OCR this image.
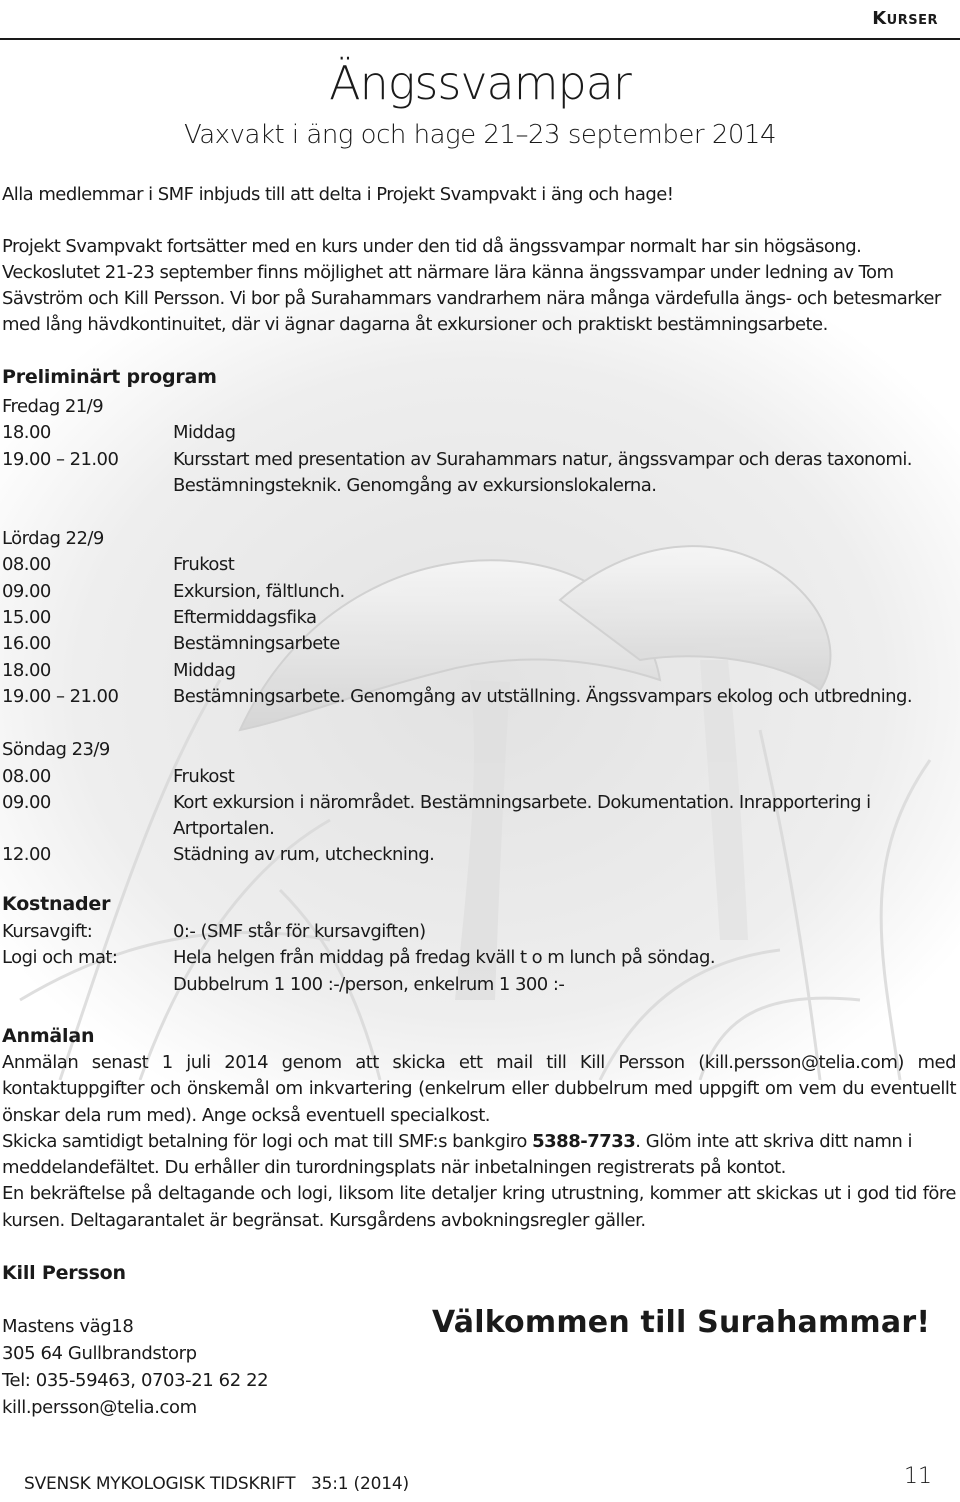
Kurser
Ängssvampar
Vaxvakt i äng och hage 21–23 september 2014
Alla medlemmar i SMF inbjuds till att delta i Projekt Svampvakt i äng och hage!
Projekt Svampvakt fortsätter med en kurs under den tid då ängssvampar normalt har sin högsäsong. Veckoslutet 21-23 september finns möjlighet att närmare lära känna ängssvampar under ledning av Tom Sävström och Kill Persson. Vi bor på Surahammars vandrarhem nära många värdefulla ängs- och betesmarker med lång hävdkontinuitet, där vi ägnar dagarna åt exkursioner och praktiskt bestämningsarbete.
Preliminärt program
Fredag 21/9
18.00	Middag
19.00 – 21.00	Kursstart med presentation av Surahammars natur, ängssvampar och deras taxonomi. Bestämningsteknik. Genomgång av exkursionslokalerna.
Lördag 22/9
08.00	Frukost
09.00	Exkursion, fältlunch.
15.00	Eftermiddagsfika
16.00	Bestämningsarbete
18.00	Middag
19.00 – 21.00	Bestämningsarbete. Genomgång av utställning. Ängssvampars ekolog och utbredning.
Söndag 23/9
08.00	Frukost
09.00	Kort exkursion i närområdet. Bestämningsarbete. Dokumentation. Inrapportering i Artportalen.
12.00	Städning av rum, utcheckning.
Kostnader
Kursavgift:	0:- (SMF står för kursavgiften)
Logi och mat:	Hela helgen från middag på fredag kväll t o m lunch på söndag.
Dubbelrum 1 100 :-/person, enkelrum 1 300 :-
Anmälan

Anmälan senast 1 juli 2014 genom att skicka ett mail till Kill Persson (kill.persson@telia.com) med kontaktuppgifter och önskemål om inkvartering (enkelrum eller dubbelrum med uppgift om vem du eventuellt önskar dela rum med). Ange också eventuell specialkost.

Skicka samtidigt betalning för logi och mat till SMF:s bankgiro 5388-7733. Glöm inte att skriva ditt namn i meddelandefältet. Du erhåller din turordningsplats när inbetalningen registrerats på kontot.

En bekräftelse på deltagande och logi, liksom lite detaljer kring utrustning, kommer att skickas ut i god tid före kursen. Deltagarantalet är begränsat. Kursgårdens avbokningsregler gäller.

Kill Persson
Mastens väg18
305 64 Gullbrandstorp
Tel: 035-59463, 0703-21 62 22
kill.persson@telia.com
Välkommen till Surahammar!
SVENSK MYKOLOGISK TIDSKRIFT   35:1 (2014)	11
